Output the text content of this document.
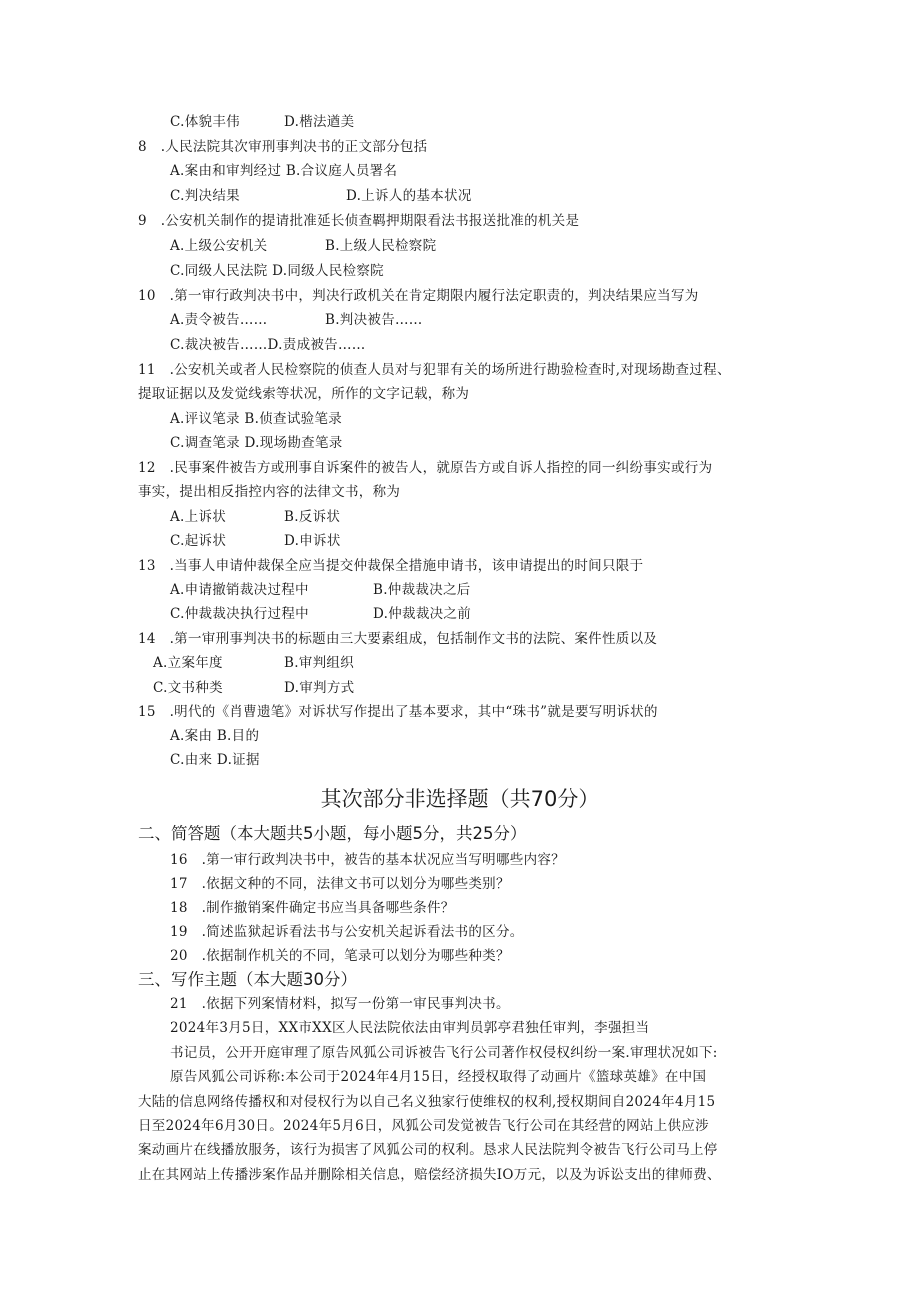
C.体貌丰伟	D.楷法遒美
8　.人民法院其次审刑事判决书的正文部分包括
A.案由和审判经过 B.合议庭人员署名
C.判决结果	D.上诉人的基本状况
9　.公安机关制作的提请批准延长侦查羁押期限看法书报送批准的机关是
A.上级公安机关	B.上级人民检察院
C.同级人民法院 D.同级人民检察院
10　.第一审行政判决书中，判决行政机关在肯定期限内履行法定职责的，判决结果应当写为
A.责令被告……	B.判决被告……
C.裁决被告……D.责成被告……
11　.公安机关或者人民检察院的侦查人员对与犯罪有关的场所进行勘验检查时,对现场勘查过程、
提取证据以及发觉线索等状况，所作的文字记载，称为
A.评议笔录 B.侦查试验笔录
C.调查笔录 D.现场勘查笔录
12　.民事案件被告方或刑事自诉案件的被告人，就原告方或自诉人指控的同一纠纷事实或行为
事实，提出相反指控内容的法律文书，称为
A.上诉状	B.反诉状
C.起诉状	D.申诉状
13　.当事人申请仲裁保全应当提交仲裁保全措施申请书，该申请提出的时间只限于
A.申请撤销裁决过程中	B.仲裁裁决之后
C.仲裁裁决执行过程中	D.仲裁裁决之前
14　.第一审刑事判决书的标题由三大要素组成，包括制作文书的法院、案件性质以及
A.立案年度	B.审判组织
C.文书种类	D.审判方式
15　.明代的《肖曹遗笔》对诉状写作提出了基本要求，其中“珠书”就是要写明诉状的
A.案由 B.目的
C.由来 D.证据
其次部分非选择题（共70分）
二、简答题（本大题共5小题，每小题5分，共25分）
16　.第一审行政判决书中，被告的基本状况应当写明哪些内容？
17　.依据文种的不同，法律文书可以划分为哪些类别？
18　.制作撤销案件确定书应当具备哪些条件？
19　.简述监狱起诉看法书与公安机关起诉看法书的区分。
20　.依据制作机关的不同，笔录可以划分为哪些种类？
三、写作主题（本大题30分）
21　.依据下列案情材料，拟写一份第一审民事判决书。
2024年3月5日，XX市XX区人民法院依法由审判员郭亭君独任审判，李强担当
书记员，公开开庭审理了原告风狐公司诉被告飞行公司著作权侵权纠纷一案.审理状况如下:
原告风狐公司诉称:本公司于2024年4月15日，经授权取得了动画片《篮球英雄》在中国
大陆的信息网络传播权和对侵权行为以自己名义独家行使维权的权利,授权期间自2024年4月15
日至2024年6月30日。2024年5月6日，风狐公司发觉被告飞行公司在其经营的网站上供应涉
案动画片在线播放服务，该行为损害了风狐公司的权利。恳求人民法院判令被告飞行公司马上停
止在其网站上传播涉案作品并删除相关信息，赔偿经济损失IO万元，以及为诉讼支出的律师费、
